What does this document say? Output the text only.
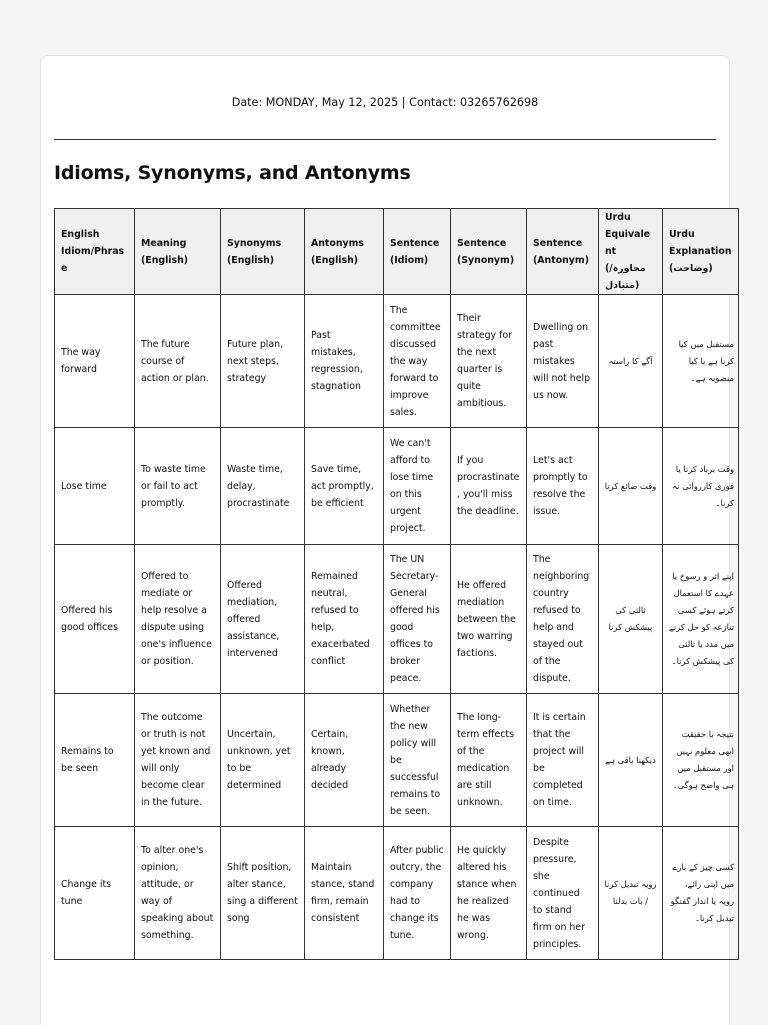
Date: MONDAY, May 12, 2025 | Contact: 03265762698
Idioms, Synonyms, and Antonyms
English Idiom/Phrase	Meaning (English)	Synonyms (English)	Antonyms (English)	Sentence (Idiom)	Sentence (Synonym)	Sentence (Antonym)	Urdu Equivalent (محاورہ/ متبادل)	Urdu Explanation (وضاحت)
The way forward	The future course of action or plan.	Future plan, next steps, strategy	Past mistakes, regression, stagnation	The committee discussed the way forward to improve sales.	Their strategy for the next quarter is quite ambitious.	Dwelling on past mistakes will not help us now.	آگے کا راستہ	مستقبل میں کیا کرنا ہے یا کیا منصوبہ ہے۔
Lose time	To waste time or fail to act promptly.	Waste time, delay, procrastinate	Save time, act promptly, be efficient	We can't afford to lose time on this urgent project.	If you procrastinate, you'll miss the deadline.	Let's act promptly to resolve the issue.	وقت ضائع کرنا	وقت برباد کرنا یا فوری کارروائی نہ کرنا۔
Offered his good offices	Offered to mediate or help resolve a dispute using one's influence or position.	Offered mediation, offered assistance, intervened	Remained neutral, refused to help, exacerbated conflict	The UN Secretary-General offered his good offices to broker peace.	He offered mediation between the two warring factions.	The neighboring country refused to help and stayed out of the dispute.	ثالثی کی پیشکش کرنا	اپنے اثر و رسوخ یا عہدے کا استعمال کرتے ہوئے کسی تنازعہ کو حل کرنے میں مدد یا ثالثی کی پیشکش کرنا۔
Remains to be seen	The outcome or truth is not yet known and will only become clear in the future.	Uncertain, unknown, yet to be determined	Certain, known, already decided	Whether the new policy will be successful remains to be seen.	The long-term effects of the medication are still unknown.	It is certain that the project will be completed on time.	دیکھنا باقی ہے	نتیجہ یا حقیقت ابھی معلوم نہیں اور مستقبل میں ہی واضح ہوگی۔
Change its tune	To alter one's opinion, attitude, or way of speaking about something.	Shift position, alter stance, sing a different song	Maintain stance, stand firm, remain consistent	After public outcry, the company had to change its tune.	He quickly altered his stance when he realized he was wrong.	Despite pressure, she continued to stand firm on her principles.	رویہ تبدیل کرنا / بات بدلنا	کسی چیز کے بارے میں اپنی رائے، رویہ یا انداز گفتگو تبدیل کرنا۔
